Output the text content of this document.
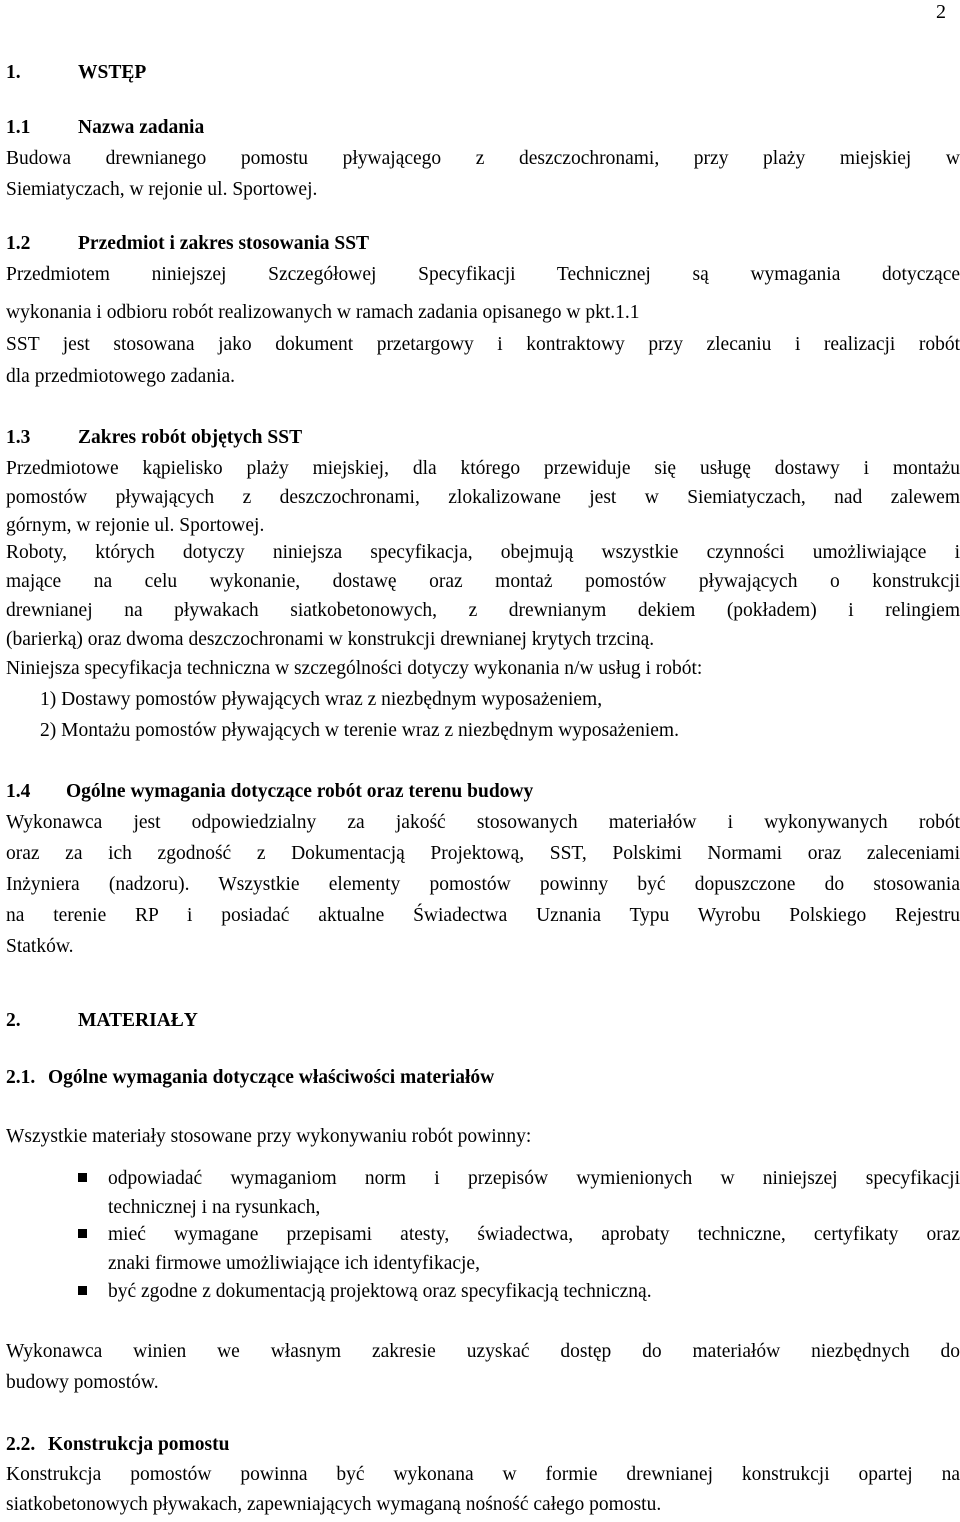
2
1.	WSTĘP
1.1 Nazwa zadania
Budowa drewnianego pomostu pływającego z deszczochronami, przy plaży miejskiej w
Siemiatyczach, w rejonie ul. Sportowej.
1.2 Przedmiot i zakres stosowania SST
Przedmiotem niniejszej Szczegółowej Specyfikacji Technicznej są wymagania dotyczące
wykonania i odbioru robót realizowanych w ramach zadania opisanego w pkt.1.1
SST jest stosowana jako dokument przetargowy i kontraktowy przy zlecaniu i realizacji robót
dla przedmiotowego zadania.
1.3 Zakres robót objętych SST
Przedmiotowe kąpielisko plaży miejskiej, dla którego przewiduje się usługę dostawy i montażu
pomostów pływających z deszczochronami, zlokalizowane jest w Siemiatyczach, nad zalewem
górnym, w rejonie ul. Sportowej.
Roboty, których dotyczy niniejsza specyfikacja, obejmują wszystkie czynności umożliwiające i
mające na celu wykonanie, dostawę oraz montaż pomostów pływających o konstrukcji
drewnianej na pływakach siatkobetonowych, z drewnianym dekiem (pokładem) i relingiem
(barierką) oraz dwoma deszczochronami w konstrukcji drewnianej krytych trzciną.
Niniejsza specyfikacja techniczna w szczególności dotyczy wykonania n/w usług i robót:
1) Dostawy pomostów pływających wraz z niezbędnym wyposażeniem,
2) Montażu pomostów pływających w terenie wraz z niezbędnym wyposażeniem.
1.4 Ogólne wymagania dotyczące robót oraz terenu budowy
Wykonawca jest odpowiedzialny za jakość stosowanych materiałów i wykonywanych robót
oraz za ich zgodność z Dokumentacją Projektową, SST, Polskimi Normami oraz zaleceniami
Inżyniera (nadzoru). Wszystkie elementy pomostów powinny być dopuszczone do stosowania
na terenie RP i posiadać aktualne Świadectwa Uznania Typu Wyrobu Polskiego Rejestru
Statków.
2.	MATERIAŁY
2.1. Ogólne wymagania dotyczące właściwości materiałów
Wszystkie materiały stosowane przy wykonywaniu robót powinny:
odpowiadać wymaganiom norm i przepisów wymienionych w niniejszej specyfikacji
technicznej i na rysunkach,
mieć wymagane przepisami atesty, świadectwa, aprobaty techniczne, certyfikaty oraz
znaki firmowe umożliwiające ich identyfikacje,
być zgodne z dokumentacją projektową oraz specyfikacją techniczną.
Wykonawca winien we własnym zakresie uzyskać dostęp do materiałów niezbędnych do
budowy pomostów.
2.2. Konstrukcja pomostu
Konstrukcja pomostów powinna być wykonana w formie drewnianej konstrukcji opartej na
siatkobetonowych pływakach, zapewniających wymaganą nośność całego pomostu.
